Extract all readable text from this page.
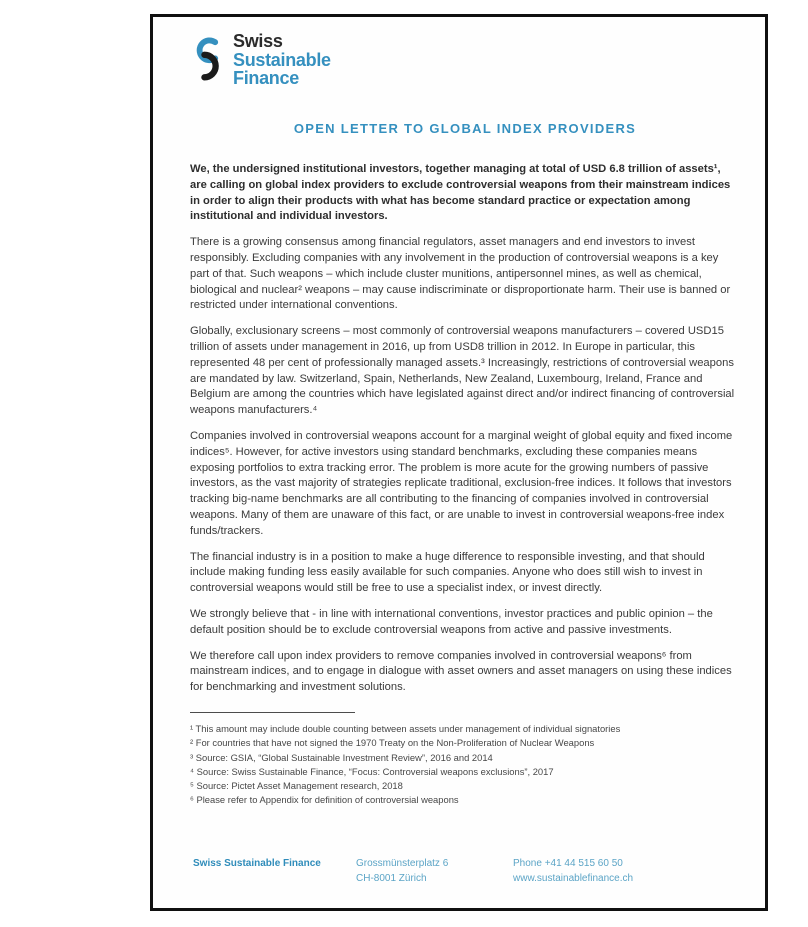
Swiss
Sustainable
Finance
OPEN LETTER TO GLOBAL INDEX PROVIDERS

We, the undersigned institutional investors, together managing at total of USD 6.8 trillion of assets¹, are calling on global index providers to exclude controversial weapons from their mainstream indices in order to align their products with what has become standard practice or expectation among institutional and individual investors.

There is a growing consensus among financial regulators, asset managers and end investors to invest responsibly. Excluding companies with any involvement in the production of controversial weapons is a key part of that. Such weapons – which include cluster munitions, antipersonnel mines, as well as chemical, biological and nuclear² weapons – may cause indiscriminate or disproportionate harm. Their use is banned or restricted under international conventions.

Globally, exclusionary screens – most commonly of controversial weapons manufacturers – covered USD15 trillion of assets under management in 2016, up from USD8 trillion in 2012. In Europe in particular, this represented 48 per cent of professionally managed assets.³ Increasingly, restrictions of controversial weapons are mandated by law. Switzerland, Spain, Netherlands, New Zealand, Luxembourg, Ireland, France and Belgium are among the countries which have legislated against direct and/or indirect financing of controversial weapons manufacturers.⁴

Companies involved in controversial weapons account for a marginal weight of global equity and fixed income indices⁵. However, for active investors using standard benchmarks, excluding these companies means exposing portfolios to extra tracking error. The problem is more acute for the growing numbers of passive investors, as the vast majority of strategies replicate traditional, exclusion-free indices. It follows that investors tracking big-name benchmarks are all contributing to the financing of companies involved in controversial weapons. Many of them are unaware of this fact, or are unable to invest in controversial weapons-free index funds/trackers.

The financial industry is in a position to make a huge difference to responsible investing, and that should include making funding less easily available for such companies. Anyone who does still wish to invest in controversial weapons would still be free to use a specialist index, or invest directly.

We strongly believe that - in line with international conventions, investor practices and public opinion – the default position should be to exclude controversial weapons from active and passive investments.

We therefore call upon index providers to remove companies involved in controversial weapons⁶ from mainstream indices, and to engage in dialogue with asset owners and asset managers on using these indices for benchmarking and investment solutions.

¹ This amount may include double counting between assets under management of individual signatories
² For countries that have not signed the 1970 Treaty on the Non-Proliferation of Nuclear Weapons
³ Source: GSIA, “Global Sustainable Investment Review”, 2016 and 2014
⁴ Source: Swiss Sustainable Finance, “Focus: Controversial weapons exclusions”, 2017
⁵ Source: Pictet Asset Management research, 2018
⁶ Please refer to Appendix for definition of controversial weapons
Swiss Sustainable Finance	Grossmünsterplatz 6
CH-8001 Zürich
Phone +41 44 515 60 50
www.sustainablefinance.ch
